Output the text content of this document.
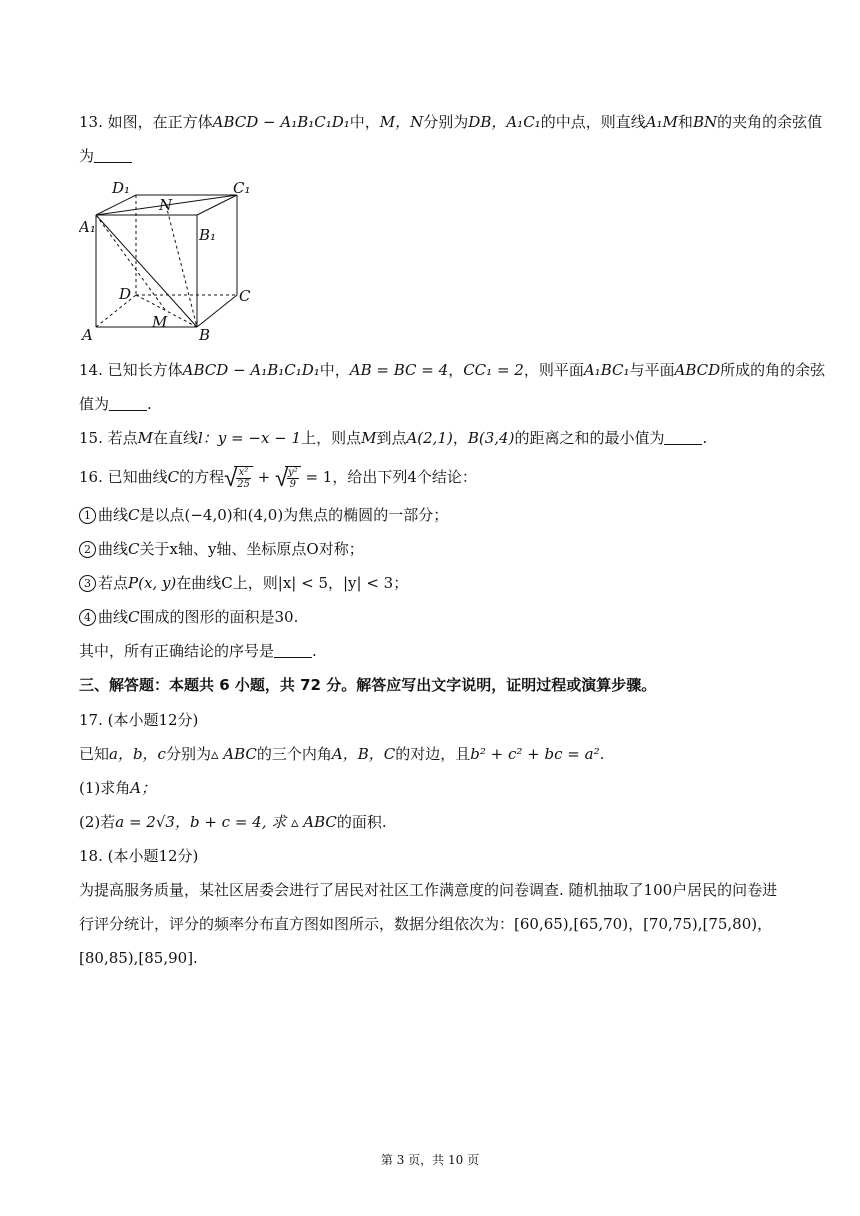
13. 如图，在正方体ABCD − A₁B₁C₁D₁中，M，N分别为DB，A₁C₁的中点，则直线A₁M和BN的夹角的余弦值
为
D₁	C₁
N
A₁	B₁
D	C
M
A	B
14. 已知长方体ABCD − A₁B₁C₁D₁中，AB = BC = 4，CC₁ = 2，则平面A₁BC₁与平面ABCD所成的角的余弦
值为	.
15. 若点M在直线l：y = −x − 1上，则点M到点A(2,1)，B(3,4)的距离之和的最小值为	.
16. 已知曲线C的方程 √
$\frac{\text{x²}}{25}$ + √
$\frac{\text{y²}}{9} = 1$，给出下列4个结论：
1 曲线C是以点(−4,0)和(4,0)为焦点的椭圆的一部分；
2 曲线C关于x轴、y轴、坐标原点O对称；
3 若点P(x, y)在曲线C上，则|x| < 5，|y| < 3；
4 曲线C围成的图形的面积是30.
其中，所有正确结论的序号是	.
三、解答题：本题共 6 小题，共 72 分。解答应写出文字说明，证明过程或演算步骤。
17. (本小题12分)
已知a，b，c分别为▵ ABC的三个内角A，B，C的对边，且b² + c² + bc = a².
(1)求角A；
(2)若a = 2√3，b + c = 4, 求 ▵ ABC的面积.
18. (本小题12分)
为提高服务质量，某社区居委会进行了居民对社区工作满意度的问卷调查. 随机抽取了100户居民的问卷进
行评分统计，评分的频率分布直方图如图所示，数据分组依次为：[60,65),[65,70)，[70,75),[75,80)，
[80,85),[85,90].
第 3 页，共 10 页
